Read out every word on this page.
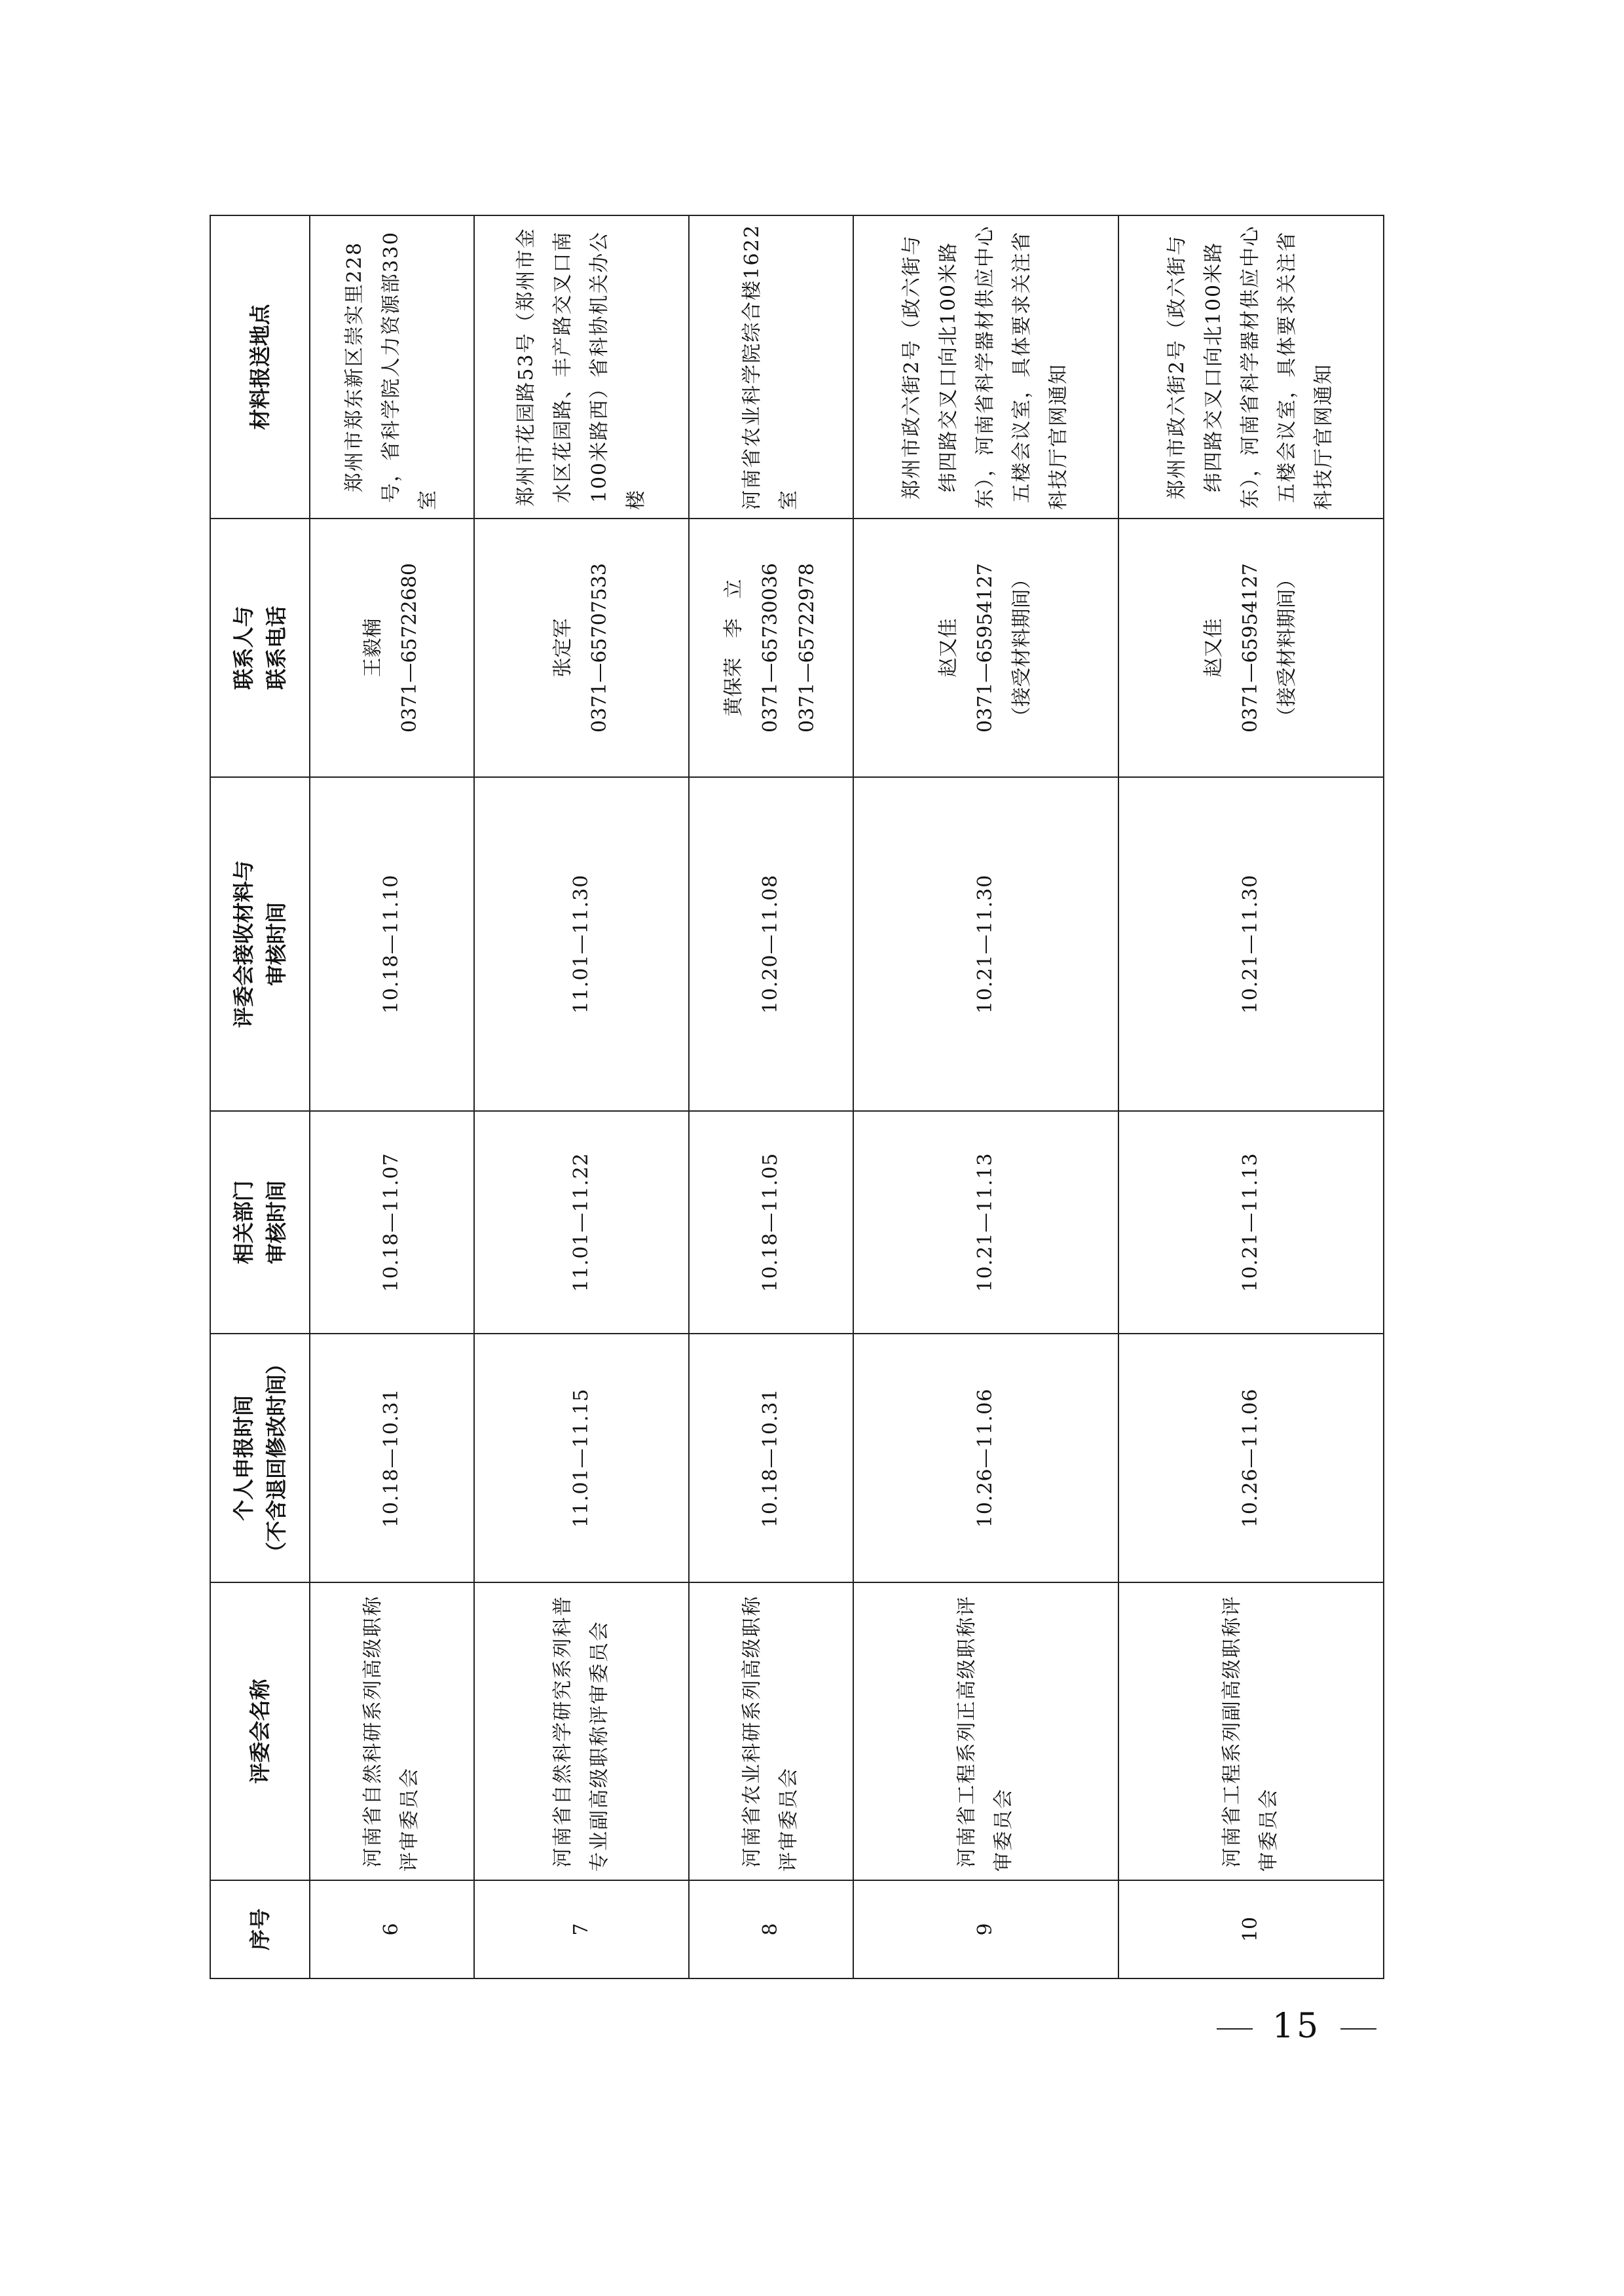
序号	评委会名称	个人申报时间 （不含退回修改时间）	相关部门 审核时间	评委会接收材料与 审核时间	联系人与 联系电话	材料报送地点
6	河南省自然科研系列高级职称评审委员会	10.18—10.31	10.18—11.07	10.18—11.10	王毅楠 0371—65722680	郑州市郑东新区崇实里228号，省科学院人力资源部330室
7	河南省自然科学研究系列科普专业副高级职称评审委员会	11.01—11.15	11.01—11.22	11.01—11.30	张定军 0371—65707533	郑州市花园路53号（郑州市金水区花园路、丰产路交叉口南100米路西）省科协机关办公楼
8	河南省农业科研系列高级职称评审委员会	10.18—10.31	10.18—11.05	10.20—11.08	黄保荣　李　立 0371—65730036 0371—65722978	河南省农业科学院综合楼1622室
9	河南省工程系列正高级职称评审委员会	10.26—11.06	10.21—11.13	10.21—11.30	赵又佳 0371—65954127 （接受材料期间）	郑州市政六街2号（政六街与纬四路交叉口向北100米路东），河南省科学器材供应中心五楼会议室，具体要求关注省科技厅官网通知
10	河南省工程系列副高级职称评审委员会	10.26—11.06	10.21—11.13	10.21—11.30	赵又佳 0371—65954127 （接受材料期间）	郑州市政六街2号（政六街与纬四路交叉口向北100米路东），河南省科学器材供应中心五楼会议室，具体要求关注省科技厅官网通知
15
